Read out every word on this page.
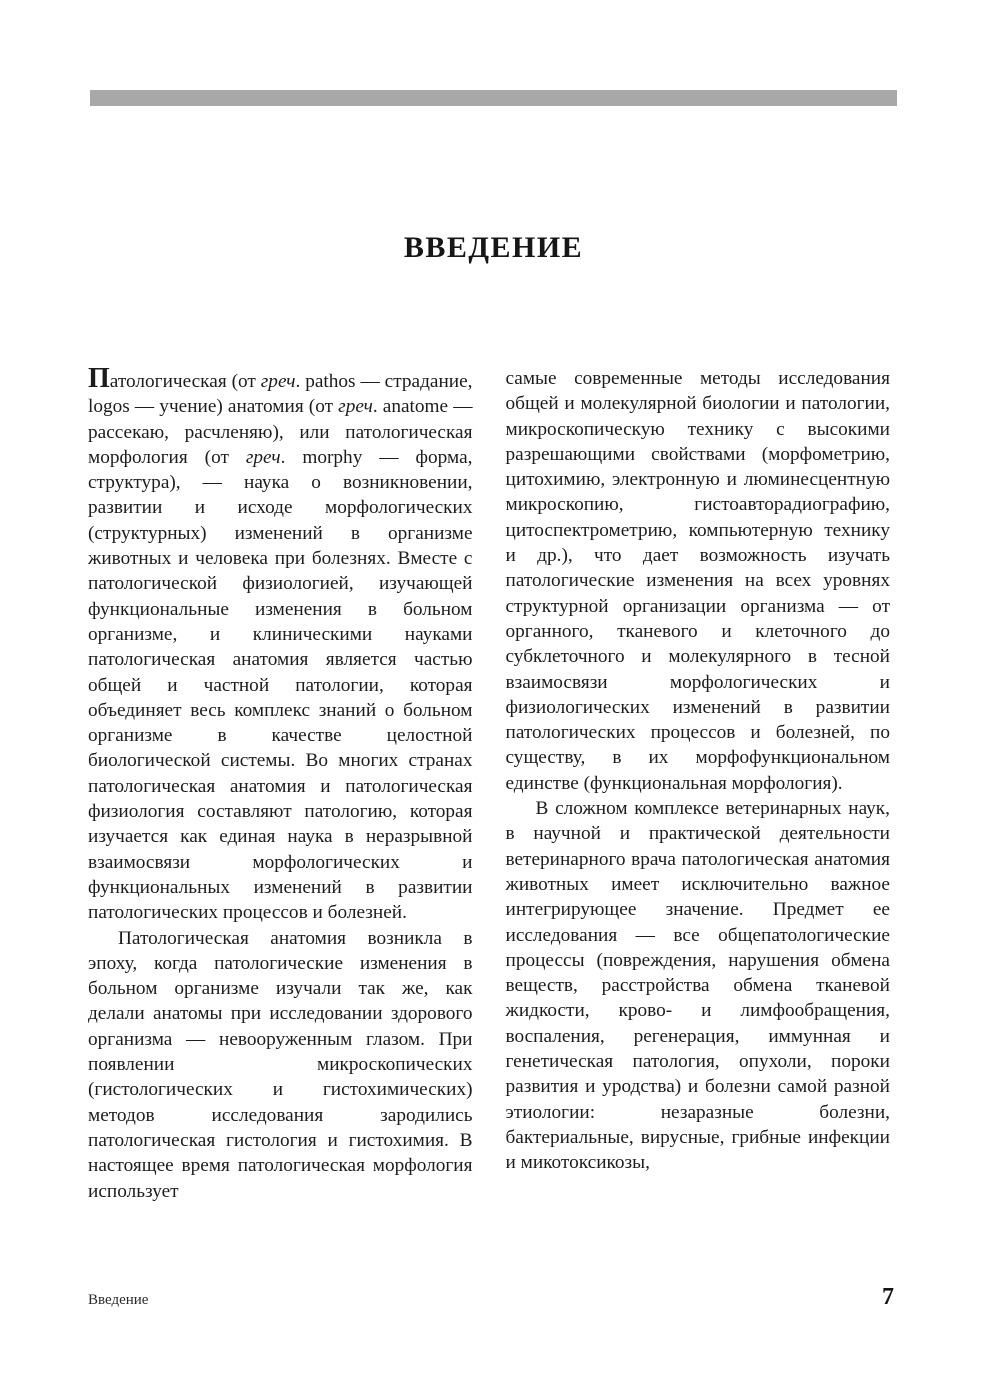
ВВЕДЕНИЕ

Патологическая (от греч. pathos — страдание, logos — учение) анатомия (от греч. anatome — рассекаю, расчленяю), или патологическая морфология (от греч. morphy — форма, структура), — наука о возникновении, развитии и исходе морфологических (структурных) изменений в организме животных и человека при болезнях. Вместе с патологической физиологией, изучающей функциональные изменения в больном организме, и клиническими науками патологическая анатомия является частью общей и частной патологии, которая объединяет весь комплекс знаний о больном организме в качестве целостной биологической системы. Во многих странах патологическая анатомия и патологическая физиология составляют патологию, которая изучается как единая наука в неразрывной взаимосвязи морфологических и функциональных изменений в развитии патологических процессов и болезней.

Патологическая анатомия возникла в эпоху, когда патологические изменения в больном организме изучали так же, как делали анатомы при исследовании здорового организма — невооруженным глазом. При появлении микроскопических (гистологических и гистохимических) методов исследования зародились патологическая гистология и гистохимия. В настоящее время патологическая морфология использует

самые современные методы исследования общей и молекулярной биологии и патологии, микроскопическую технику с высокими разрешающими свойствами (морфометрию, цитохимию, электронную и люминесцентную микроскопию, гистоавторадиографию, цитоспектрометрию, компьютерную технику и др.), что дает возможность изучать патологические изменения на всех уровнях структурной организации организма — от органного, тканевого и клеточного до субклеточного и молекулярного в тесной взаимосвязи морфологических и физиологических изменений в развитии патологических процессов и болезней, по существу, в их морфофункциональном единстве (функциональная морфология).

В сложном комплексе ветеринарных наук, в научной и практической деятельности ветеринарного врача патологическая анатомия животных имеет исключительно важное интегрирующее значение. Предмет ее исследования — все общепатологические процессы (повреждения, нарушения обмена веществ, расстройства обмена тканевой жидкости, крово- и лимфообращения, воспаления, регенерация, иммунная и генетическая патология, опухоли, пороки развития и уродства) и болезни самой разной этиологии: незаразные болезни, бактериальные, вирусные, грибные инфекции и микотоксикозы,

Введение	7
